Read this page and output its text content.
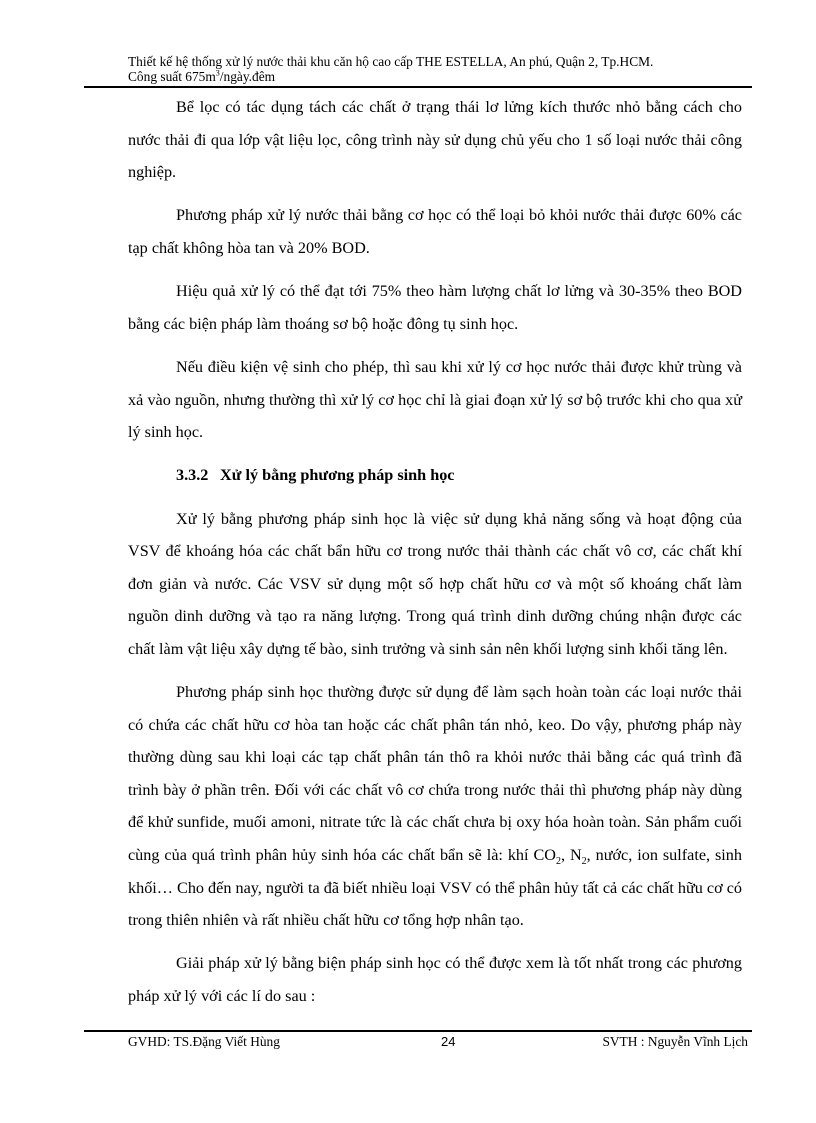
Thiết kế hệ thống xử lý nước thải khu căn hộ cao cấp THE ESTELLA, An phú, Quận 2, Tp.HCM.
Công suất $675m^3/ngày.đêm$

Bể lọc có tác dụng tách các chất ở trạng thái lơ lửng kích thước nhỏ bằng cách cho nước thải đi qua lớp vật liệu lọc, công trình này sử dụng chủ yếu cho 1 số loại nước thải công nghiệp.

Phương pháp xử lý nước thải bằng cơ học có thể loại bỏ khỏi nước thải được 60% các tạp chất không hòa tan và 20% BOD.

Hiệu quả xử lý có thể đạt tới 75% theo hàm lượng chất lơ lửng và 30-35% theo BOD bằng các biện pháp làm thoáng sơ bộ hoặc đông tụ sinh học.

Nếu điều kiện vệ sinh cho phép, thì sau khi xử lý cơ học nước thải được khử trùng và xả vào nguồn, nhưng thường thì xử lý cơ học chỉ là giai đoạn xử lý sơ bộ trước khi cho qua xử lý sinh học.

3.3.2 Xử lý bằng phương pháp sinh học

Xử lý bằng phương pháp sinh học là việc sử dụng khả năng sống và hoạt động của VSV để khoáng hóa các chất bẩn hữu cơ trong nước thải thành các chất vô cơ, các chất khí đơn giản và nước. Các VSV sử dụng một số hợp chất hữu cơ và một số khoáng chất làm nguồn dinh dưỡng và tạo ra năng lượng. Trong quá trình dinh dưỡng chúng nhận được các chất làm vật liệu xây dựng tế bào, sinh trưởng và sinh sản nên khối lượng sinh khối tăng lên.

Phương pháp sinh học thường được sử dụng để làm sạch hoàn toàn các loại nước thải có chứa các chất hữu cơ hòa tan hoặc các chất phân tán nhỏ, keo. Do vậy, phương pháp này thường dùng sau khi loại các tạp chất phân tán thô ra khỏi nước thải bằng các quá trình đã trình bày ở phần trên. Đối với các chất vô cơ chứa trong nước thải thì phương pháp này dùng để khử sunfide, muối amoni, nitrate tức là các chất chưa bị oxy hóa hoàn toàn. Sản phẩm cuối cùng của quá trình phân hủy sinh hóa các chất bẩn sẽ là: khí $CO_2$, $N_2$, nước, ion sulfate, sinh khối… Cho đến nay, người ta đã biết nhiều loại VSV có thể phân hủy tất cả các chất hữu cơ có trong thiên nhiên và rất nhiều chất hữu cơ tổng hợp nhân tạo.

Giải pháp xử lý bằng biện pháp sinh học có thể được xem là tốt nhất trong các phương pháp xử lý với các lí do sau :

GVHD: TS.Đặng Viết Hùng	24	SVTH : Nguyễn Vĩnh Lịch
